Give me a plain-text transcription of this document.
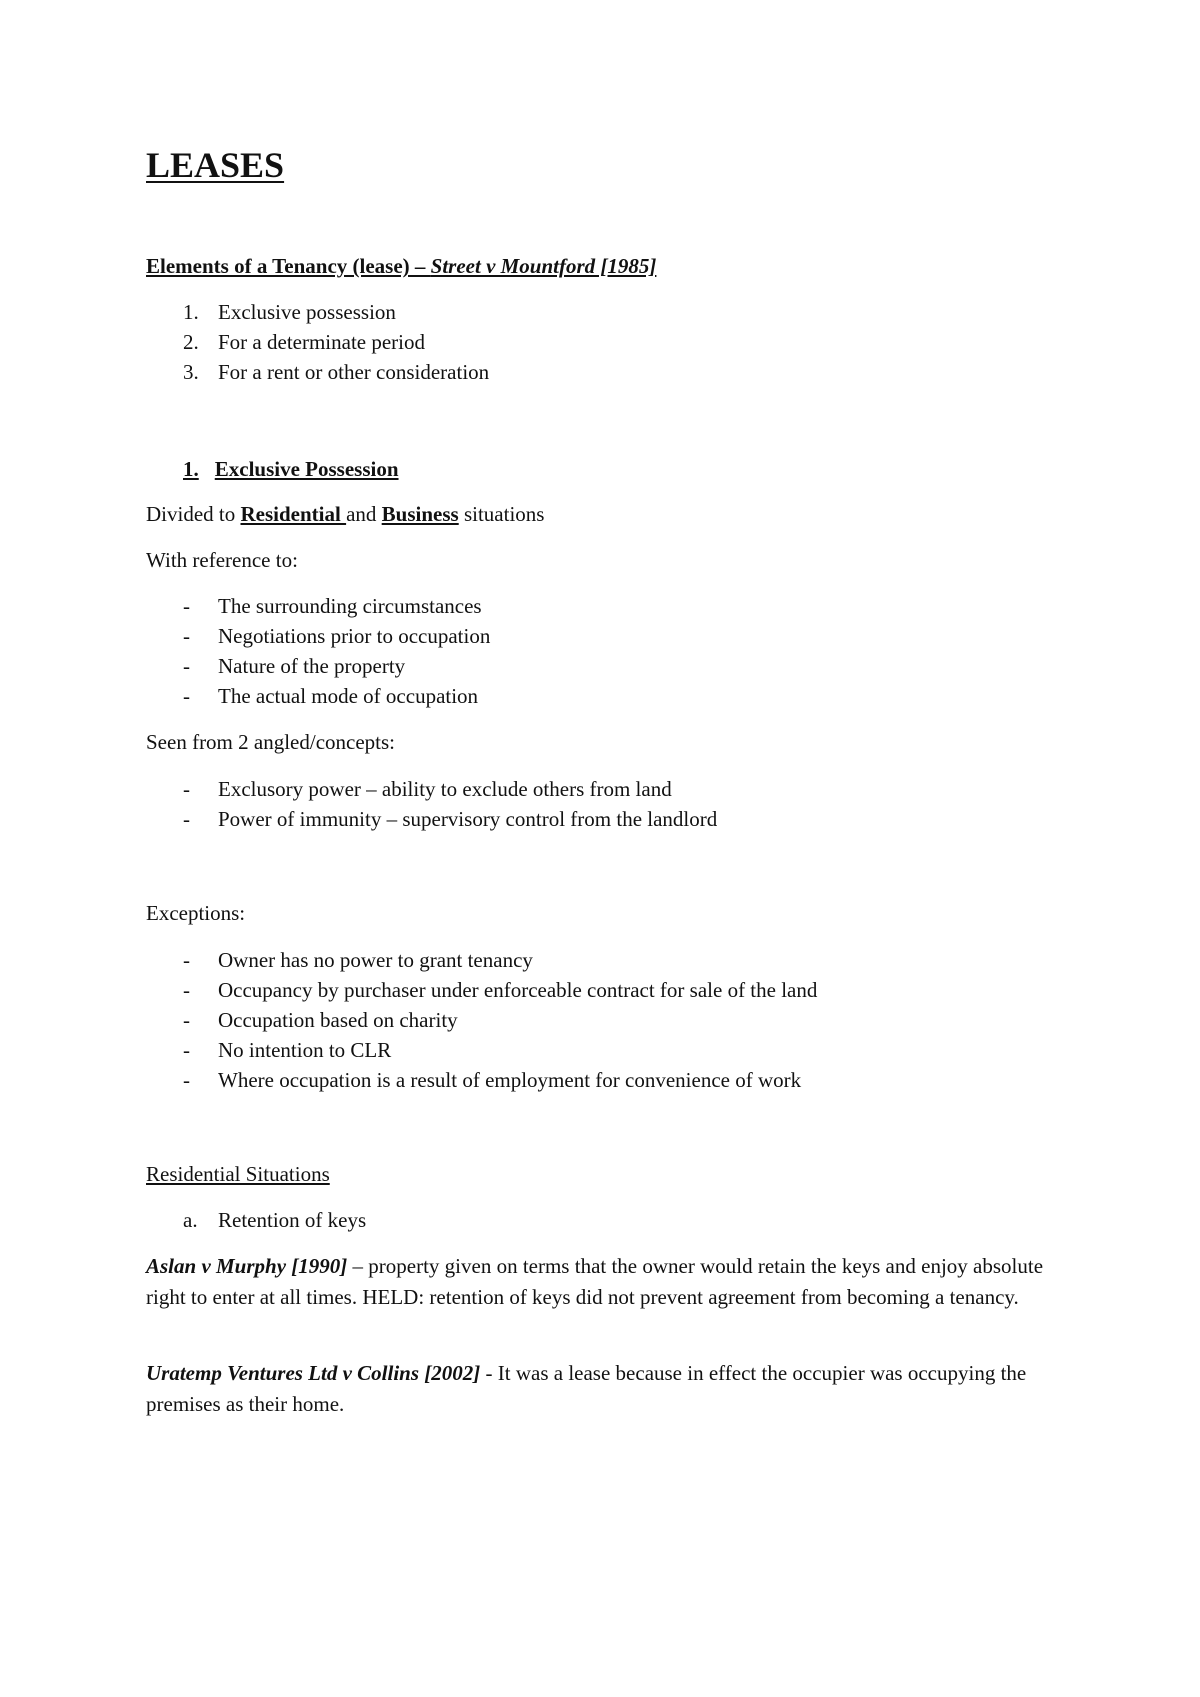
LEASES
Elements of a Tenancy (lease) – Street v Mountford [1985]
1. Exclusive possession
2. For a determinate period
3. For a rent or other consideration
1. Exclusive Possession
Divided to Residential and Business situations
With reference to:
- The surrounding circumstances
- Negotiations prior to occupation
- Nature of the property
- The actual mode of occupation
Seen from 2 angled/concepts:
- Exclusory power – ability to exclude others from land
- Power of immunity – supervisory control from the landlord
Exceptions:
- Owner has no power to grant tenancy
- Occupancy by purchaser under enforceable contract for sale of the land
- Occupation based on charity
- No intention to CLR
- Where occupation is a result of employment for convenience of work
Residential Situations
a. Retention of keys

Aslan v Murphy [1990] – property given on terms that the owner would retain the keys and enjoy absolute right to enter at all times. HELD: retention of keys did not prevent agreement from becoming a tenancy.

Uratemp Ventures Ltd v Collins [2002] - It was a lease because in effect the occupier was occupying the premises as their home.
